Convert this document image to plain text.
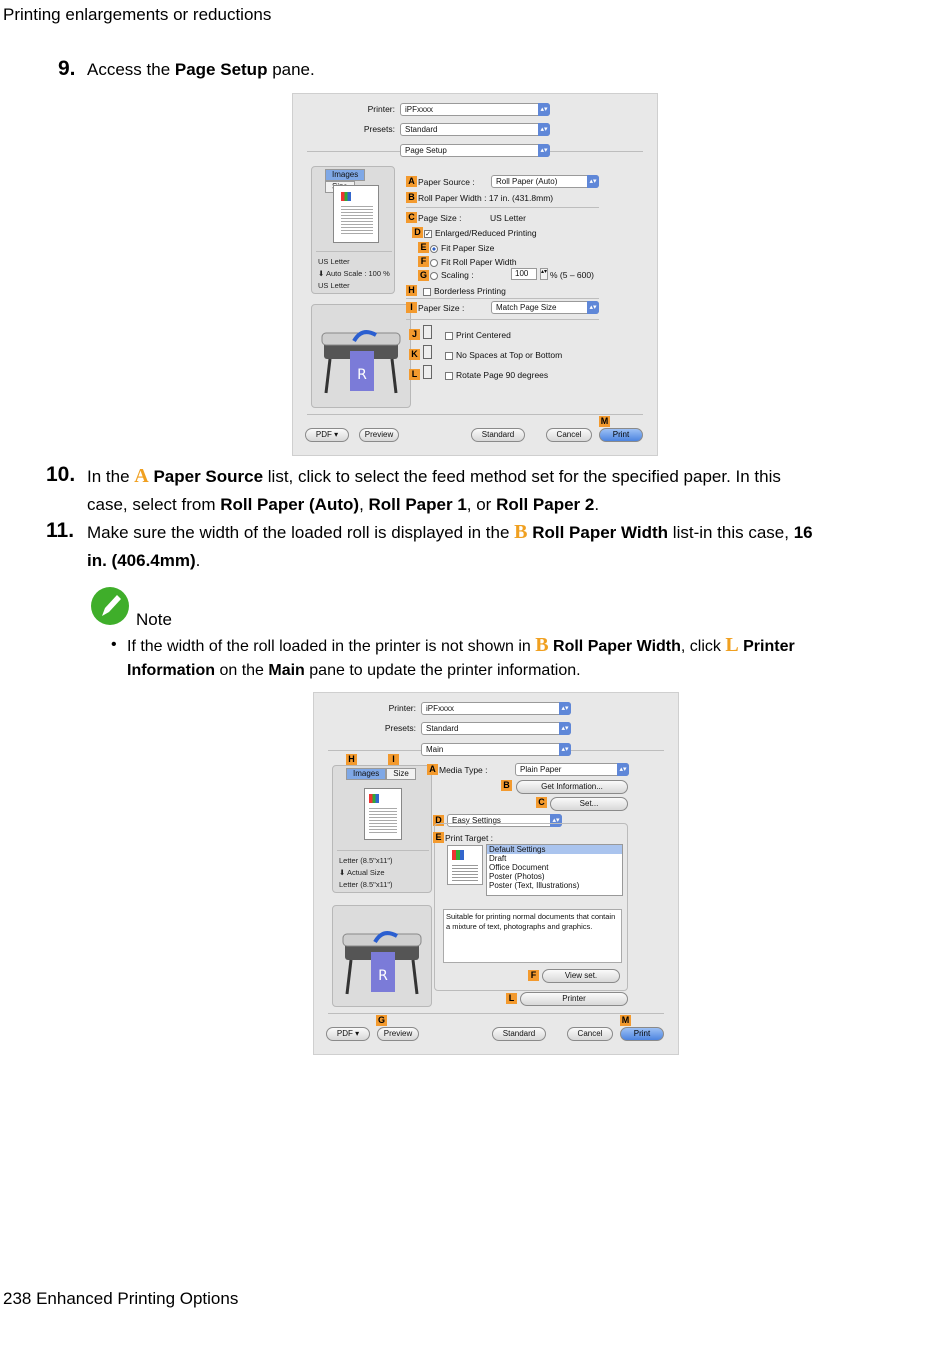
Printing enlargements or reductions
9. Access the Page Setup pane.
Printer:	iPFxxxx	▴▾
Presets:	Standard	▴▾
Page Setup	▴▾
Images
US Letter
⬇ Auto Scale : 100 %
US Letter
R
A Paper Source :	Roll Paper (Auto)	▴▾
B Roll Paper Width : 17 in. (431.8mm)
C Page Size :	US Letter
D ✓ Enlarged/Reduced Printing
E	Fit Paper Size
F	Fit Roll Paper Width
G	Scaling :	100	▴▾ % (5 – 600)
H	Borderless Printing
I Paper Size :	Match Page Size	▴▾
J	Print Centered
K	No Spaces at Top or Bottom
L	Rotate Page 90 degrees
M
PDF ▾	Preview	Standard	Cancel	Print
10. In the A Paper Source list, click to select the feed method set for the specified paper. In this
case, select from Roll Paper (Auto), Roll Paper 1, or Roll Paper 2.
11. Make sure the width of the loaded roll is displayed in the B Roll Paper Width list-in this case, 16
in. (406.4mm).
Note
• If the width of the roll loaded in the printer is not shown in B Roll Paper Width, click L Printer
Information on the Main pane to update the printer information.
Printer:	iPFxxxx	▴▾
Presets:	Standard	▴▾
Main	▴▾
H	I
Images Size
Letter (8.5"x11")
⬇ Actual Size
Letter (8.5"x11")
R
A Media Type :	Plain Paper	▴▾
B	Get Information...
C	Set...
D	Easy Settings	▴▾
E Print Target :
Default Settings
Draft
Office Document
Poster (Photos)
Poster (Text, Illustrations)
Suitable for printing normal documents that contain a mixture of text, photographs and graphics.
F	View set.
L	Printer
G	M
PDF ▾	Preview	Standard	Cancel	Print
238 Enhanced Printing Options
